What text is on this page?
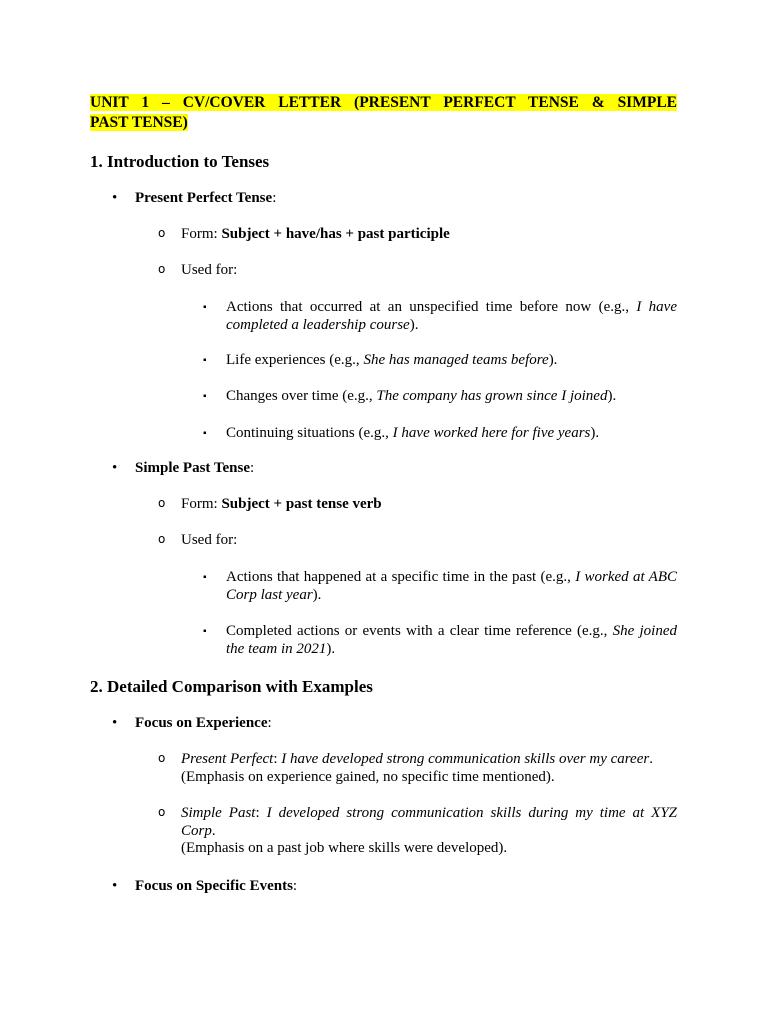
UNIT 1 – CV/COVER LETTER (PRESENT PERFECT TENSE & SIMPLE
PAST TENSE)
1. Introduction to Tenses
• Present Perfect Tense:
o Form: Subject + have/has + past participle
o Used for:
▪ Actions that occurred at an unspecified time before now (e.g., I have completed a leadership course).
▪ Life experiences (e.g., She has managed teams before).
▪ Changes over time (e.g., The company has grown since I joined).
▪ Continuing situations (e.g., I have worked here for five years).
• Simple Past Tense:
o Form: Subject + past tense verb
o Used for:
▪ Actions that happened at a specific time in the past (e.g., I worked at ABC Corp last year).
▪ Completed actions or events with a clear time reference (e.g., She joined the team in 2021).
2. Detailed Comparison with Examples
• Focus on Experience:
o Present Perfect: I have developed strong communication skills over my career.
(Emphasis on experience gained, no specific time mentioned).
o Simple Past: I developed strong communication skills during my time at XYZ Corp.
(Emphasis on a past job where skills were developed).
• Focus on Specific Events:
